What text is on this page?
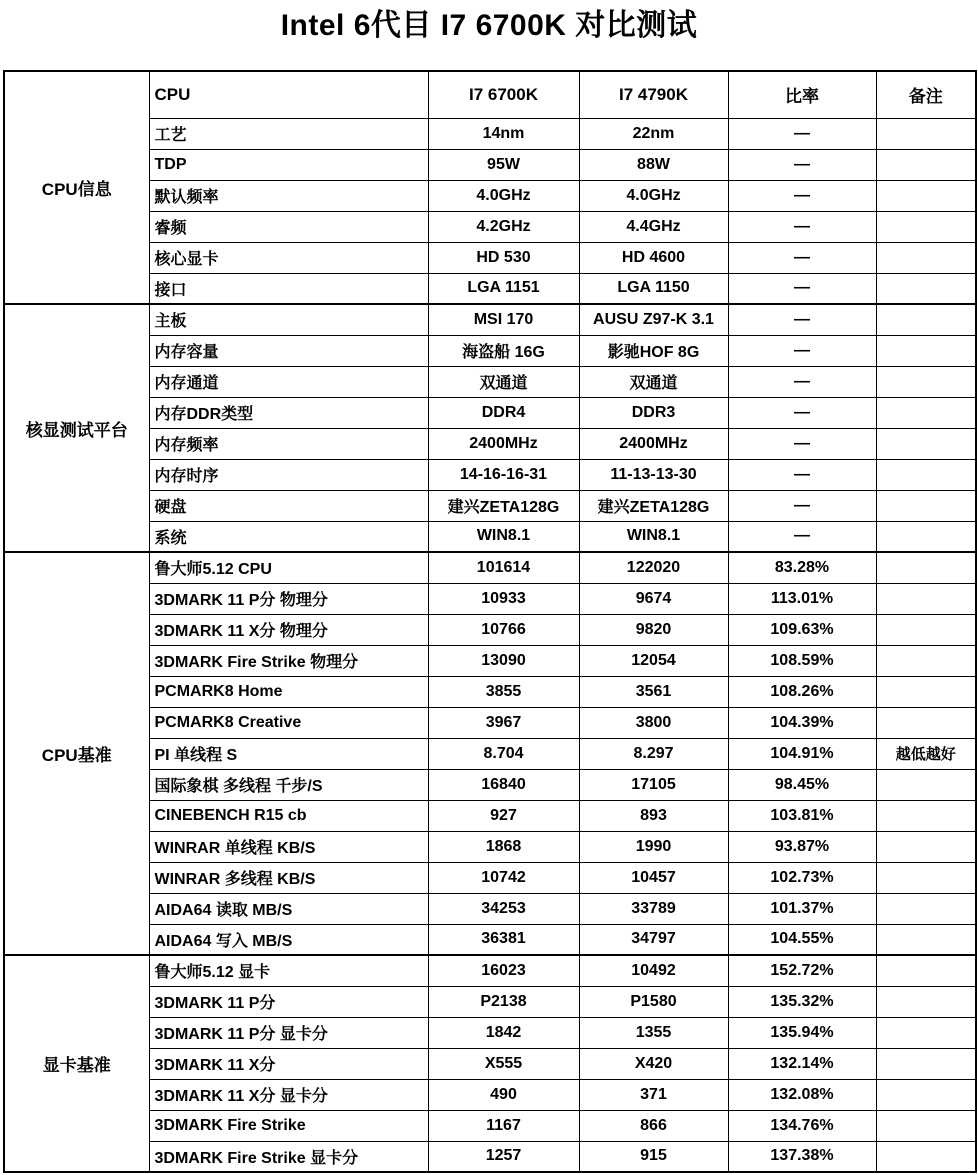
Intel 6代目 I7 6700K 对比测试
CPU信息	CPU	I7 6700K	I7 4790K	比率	备注
	工艺	14nm	22nm	—	
	TDP	95W	88W	—	
	默认频率	4.0GHz	4.0GHz	—	
	睿频	4.2GHz	4.4GHz	—	
	核心显卡	HD 530	HD 4600	—	
	接口	LGA 1151	LGA 1150	—	
核显测试平台	主板	MSI 170	AUSU Z97-K 3.1	—	
	内存容量	海盗船 16G	影驰HOF 8G	—	
	内存通道	双通道	双通道	—	
	内存DDR类型	DDR4	DDR3	—	
	内存频率	2400MHz	2400MHz	—	
	内存时序	14-16-16-31	11-13-13-30	—	
	硬盘	建兴ZETA128G	建兴ZETA128G	—	
	系统	WIN8.1	WIN8.1	—	
CPU基准	鲁大师5.12 CPU	101614	122020	83.28%	
	3DMARK 11 P分 物理分	10933	9674	113.01%	
	3DMARK 11 X分 物理分	10766	9820	109.63%	
	3DMARK Fire Strike 物理分	13090	12054	108.59%	
	PCMARK8 Home	3855	3561	108.26%	
	PCMARK8 Creative	3967	3800	104.39%	
	PI 单线程 S	8.704	8.297	104.91%	越低越好
	国际象棋 多线程 千步/S	16840	17105	98.45%	
	CINEBENCH R15 cb	927	893	103.81%	
	WINRAR 单线程 KB/S	1868	1990	93.87%	
	WINRAR 多线程 KB/S	10742	10457	102.73%	
	AIDA64 读取 MB/S	34253	33789	101.37%	
	AIDA64 写入 MB/S	36381	34797	104.55%	
显卡基准	鲁大师5.12 显卡	16023	10492	152.72%	
	3DMARK 11 P分	P2138	P1580	135.32%	
	3DMARK 11 P分 显卡分	1842	1355	135.94%	
	3DMARK 11 X分	X555	X420	132.14%	
	3DMARK 11 X分 显卡分	490	371	132.08%	
	3DMARK Fire Strike	1167	866	134.76%	
	3DMARK Fire Strike 显卡分	1257	915	137.38%	
